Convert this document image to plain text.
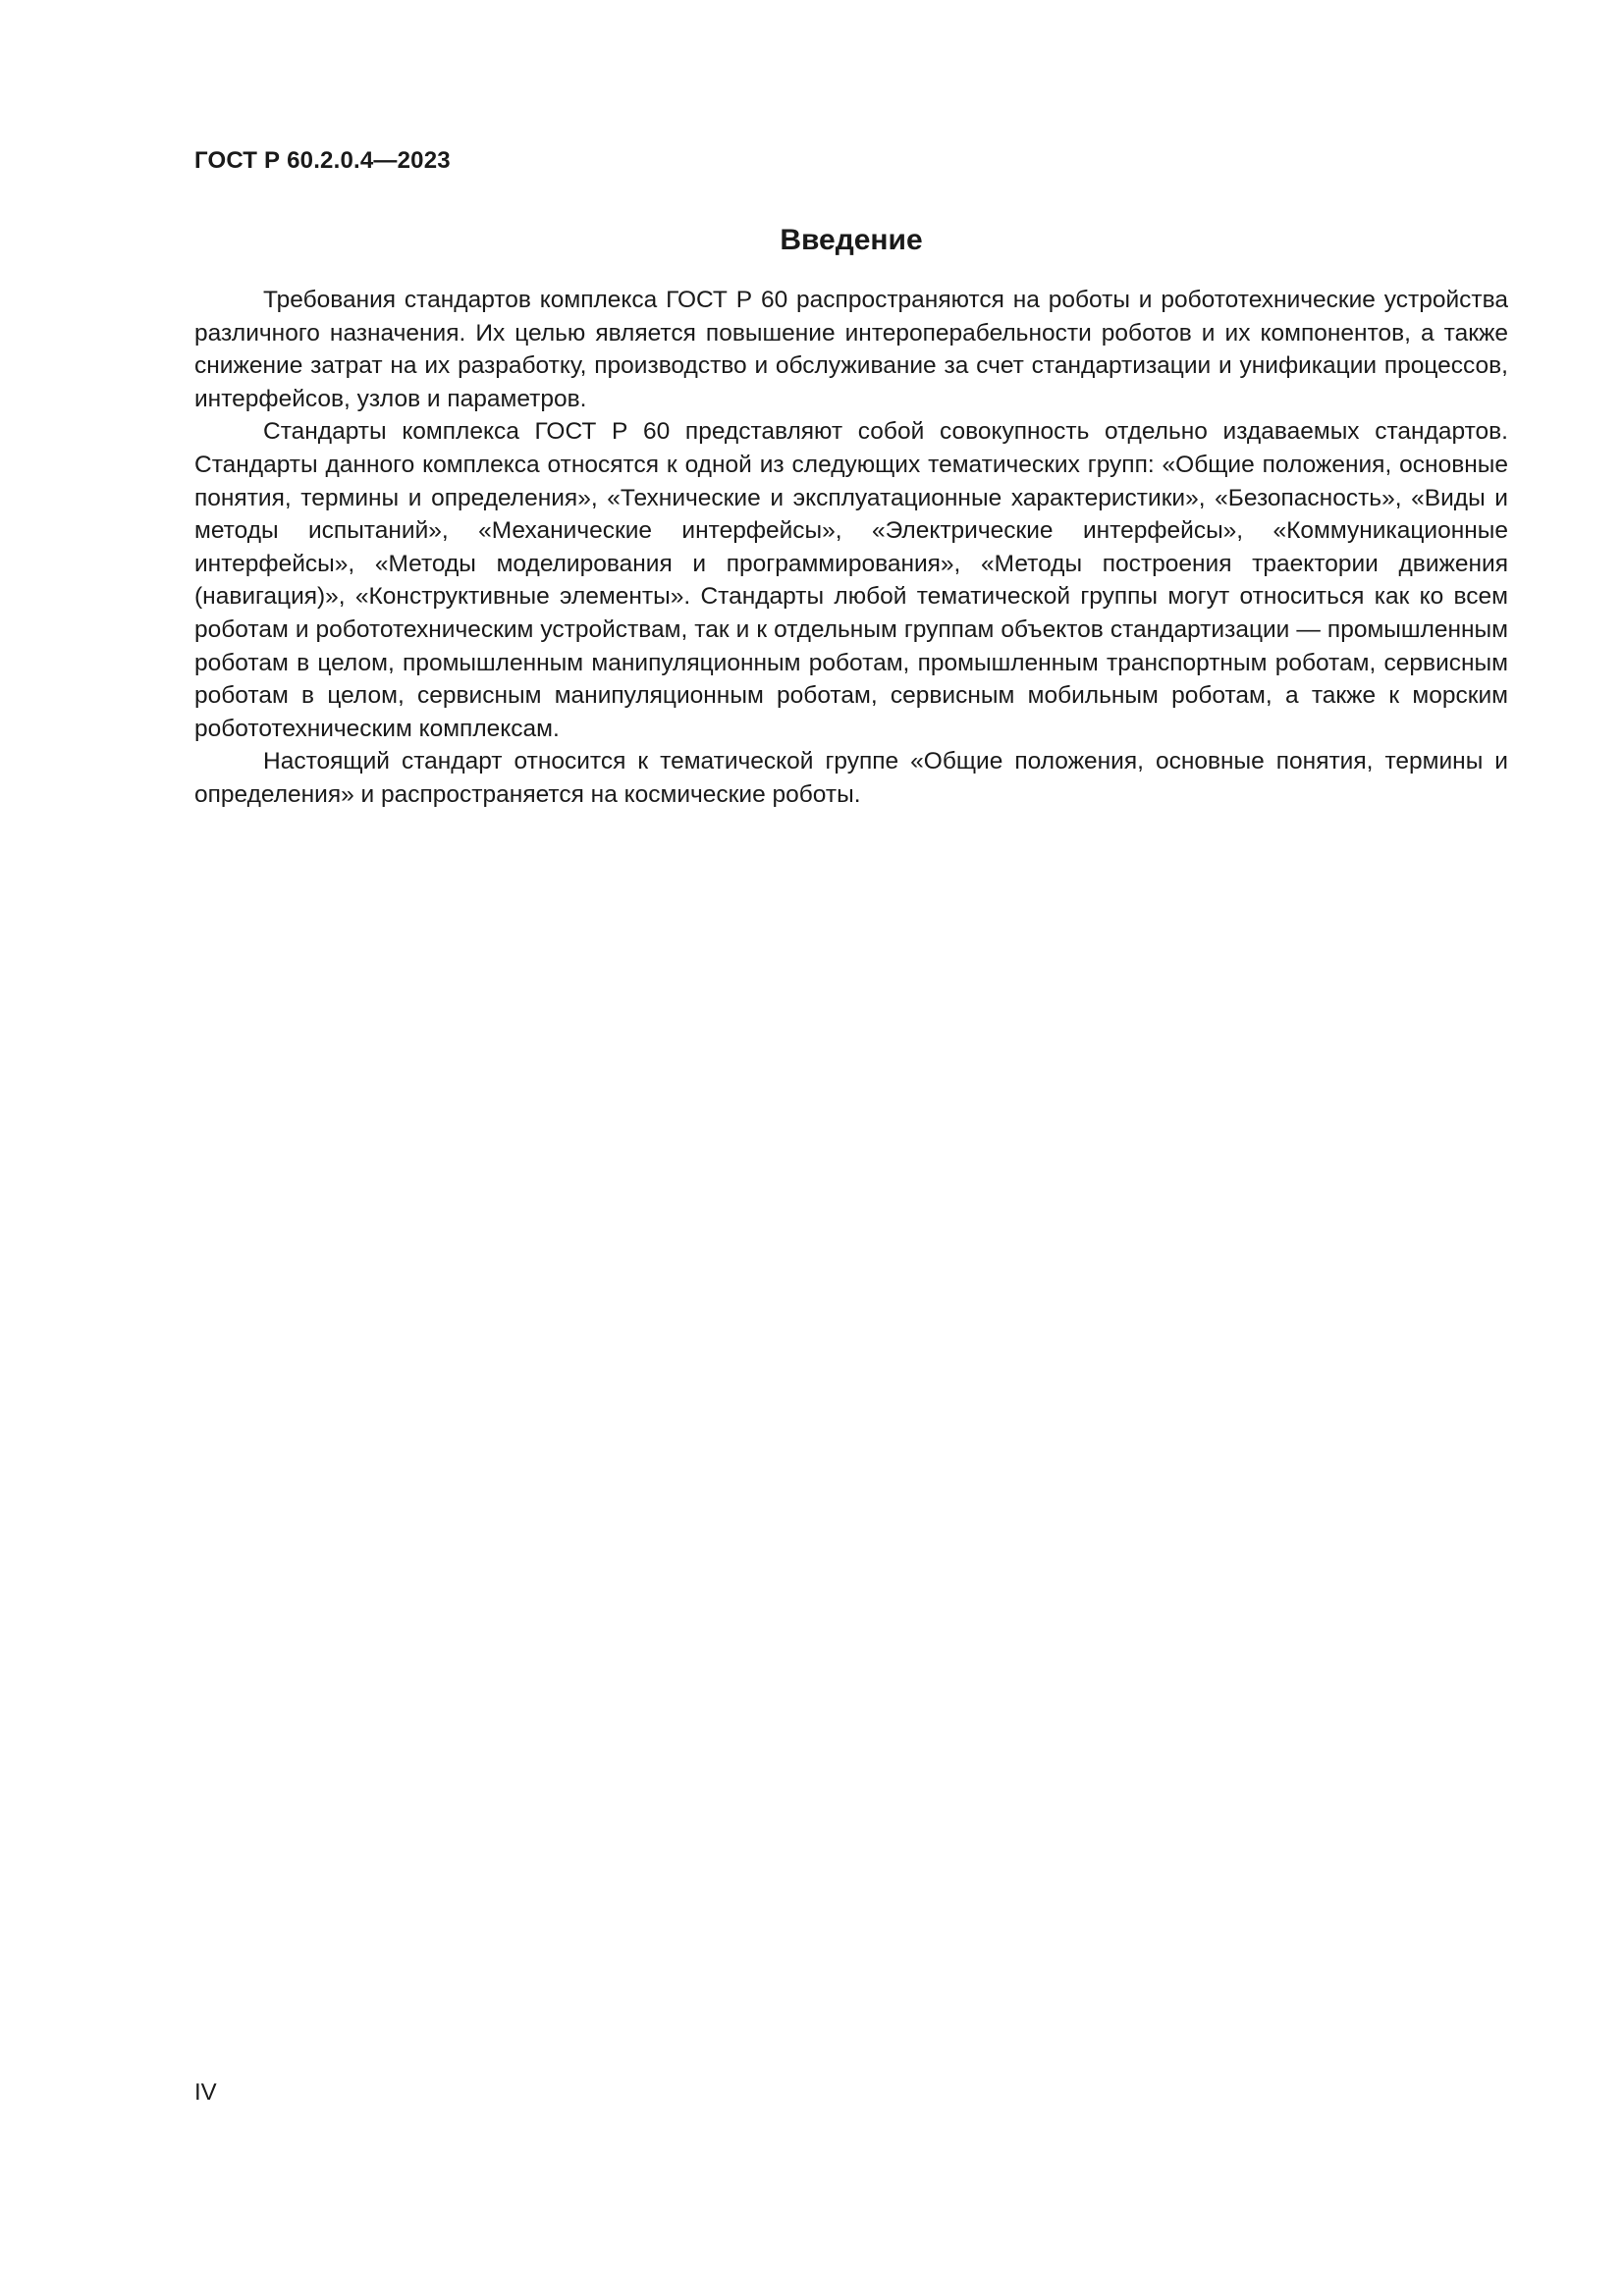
ГОСТ Р 60.2.0.4—2023
Введение

Требования стандартов комплекса ГОСТ Р 60 распространяются на роботы и робототехнические устройства различного назначения. Их целью является повышение интероперабельности роботов и их компонентов, а также снижение затрат на их разработку, производство и обслуживание за счет стандартизации и унификации процессов, интерфейсов, узлов и параметров.

Стандарты комплекса ГОСТ Р 60 представляют собой совокупность отдельно издаваемых стандартов. Стандарты данного комплекса относятся к одной из следующих тематических групп: «Общие положения, основные понятия, термины и определения», «Технические и эксплуатационные характеристики», «Безопасность», «Виды и методы испытаний», «Механические интерфейсы», «Электрические интерфейсы», «Коммуникационные интерфейсы», «Методы моделирования и программирования», «Методы построения траектории движения (навигация)», «Конструктивные элементы». Стандарты любой тематической группы могут относиться как ко всем роботам и робототехническим устройствам, так и к отдельным группам объектов стандартизации — промышленным роботам в целом, промышленным манипуляционным роботам, промышленным транспортным роботам, сервисным роботам в целом, сервисным манипуляционным роботам, сервисным мобильным роботам, а также к морским робототехническим комплексам.

Настоящий стандарт относится к тематической группе «Общие положения, основные понятия, термины и определения» и распространяется на космические роботы.

IV
